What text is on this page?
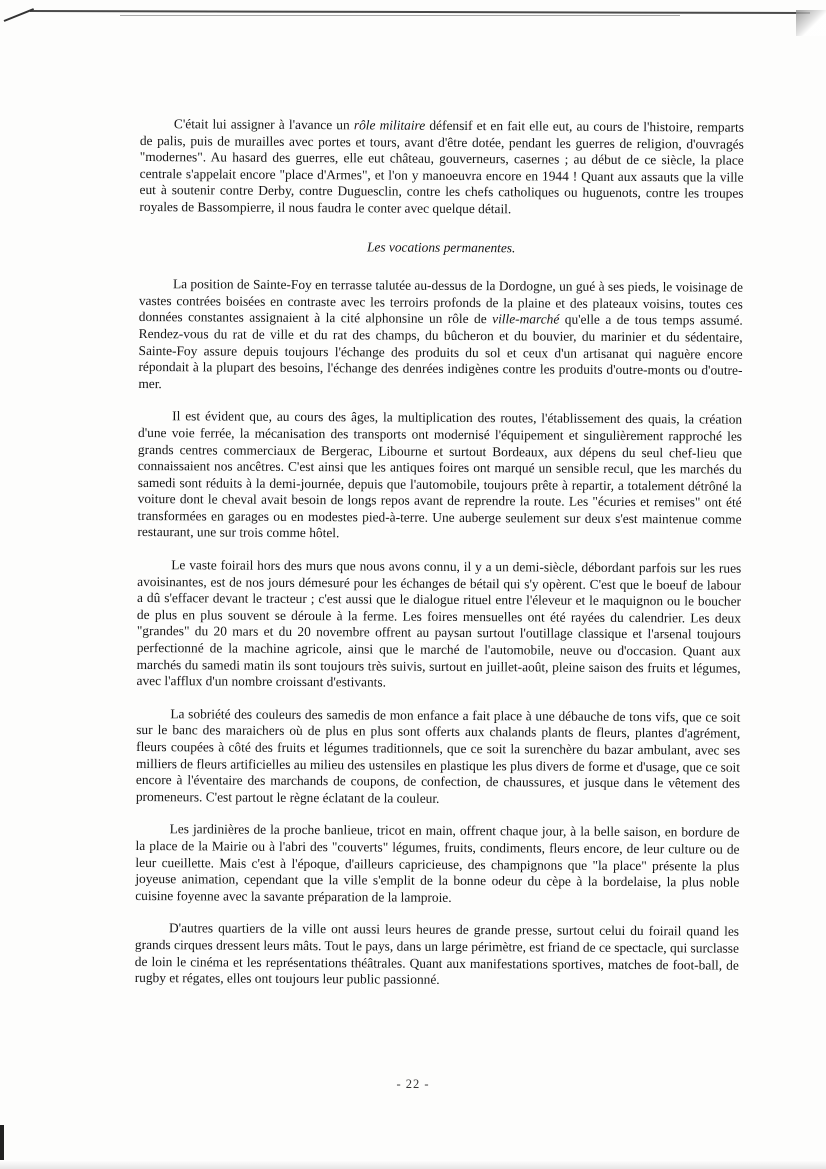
C'était lui assigner à l'avance un rôle militaire défensif et en fait elle eut, au cours de l'histoire, remparts de palis, puis de murailles avec portes et tours, avant d'être dotée, pendant les guerres de religion, d'ouvragés "modernes". Au hasard des guerres, elle eut château, gouverneurs, casernes ; au début de ce siècle, la place centrale s'appelait encore "place d'Armes", et l'on y manoeuvra encore en 1944 ! Quant aux assauts que la ville eut à soutenir contre Derby, contre Duguesclin, contre les chefs catholiques ou huguenots, contre les troupes royales de Bassompierre, il nous faudra le conter avec quelque détail.

Les vocations permanentes.

La position de Sainte-Foy en terrasse talutée au-dessus de la Dordogne, un gué à ses pieds, le voisinage de vastes contrées boisées en contraste avec les terroirs profonds de la plaine et des plateaux voisins, toutes ces données constantes assignaient à la cité alphonsine un rôle de ville-marché qu'elle a de tous temps assumé. Rendez-vous du rat de ville et du rat des champs, du bûcheron et du bouvier, du marinier et du sédentaire, Sainte-Foy assure depuis toujours l'échange des produits du sol et ceux d'un artisanat qui naguère encore répondait à la plupart des besoins, l'échange des denrées indigènes contre les produits d'outre-monts ou d'outre-mer.

Il est évident que, au cours des âges, la multiplication des routes, l'établissement des quais, la création d'une voie ferrée, la mécanisation des transports ont modernisé l'équipement et singulièrement rapproché les grands centres commerciaux de Bergerac, Libourne et surtout Bordeaux, aux dépens du seul chef-lieu que connaissaient nos ancêtres. C'est ainsi que les antiques foires ont marqué un sensible recul, que les marchés du samedi sont réduits à la demi-journée, depuis que l'automobile, toujours prête à repartir, a totalement détrôné la voiture dont le cheval avait besoin de longs repos avant de reprendre la route. Les "écuries et remises" ont été transformées en garages ou en modestes pied-à-terre. Une auberge seulement sur deux s'est maintenue comme restaurant, une sur trois comme hôtel.

Le vaste foirail hors des murs que nous avons connu, il y a un demi-siècle, débordant parfois sur les rues avoisinantes, est de nos jours démesuré pour les échanges de bétail qui s'y opèrent. C'est que le boeuf de labour a dû s'effacer devant le tracteur ; c'est aussi que le dialogue rituel entre l'éleveur et le maquignon ou le boucher de plus en plus souvent se déroule à la ferme. Les foires mensuelles ont été rayées du calendrier. Les deux "grandes" du 20 mars et du 20 novembre offrent au paysan surtout l'outillage classique et l'arsenal toujours perfectionné de la machine agricole, ainsi que le marché de l'automobile, neuve ou d'occasion. Quant aux marchés du samedi matin ils sont toujours très suivis, surtout en juillet-août, pleine saison des fruits et légumes, avec l'afflux d'un nombre croissant d'estivants.

La sobriété des couleurs des samedis de mon enfance a fait place à une débauche de tons vifs, que ce soit sur le banc des maraichers où de plus en plus sont offerts aux chalands plants de fleurs, plantes d'agrément, fleurs coupées à côté des fruits et légumes traditionnels, que ce soit la surenchère du bazar ambulant, avec ses milliers de fleurs artificielles au milieu des ustensiles en plastique les plus divers de forme et d'usage, que ce soit encore à l'éventaire des marchands de coupons, de confection, de chaussures, et jusque dans le vêtement des promeneurs. C'est partout le règne éclatant de la couleur.

Les jardinières de la proche banlieue, tricot en main, offrent chaque jour, à la belle saison, en bordure de la place de la Mairie ou à l'abri des "couverts" légumes, fruits, condiments, fleurs encore, de leur culture ou de leur cueillette. Mais c'est à l'époque, d'ailleurs capricieuse, des champignons que "la place" présente la plus joyeuse animation, cependant que la ville s'emplit de la bonne odeur du cèpe à la bordelaise, la plus noble cuisine foyenne avec la savante préparation de la lamproie.

D'autres quartiers de la ville ont aussi leurs heures de grande presse, surtout celui du foirail quand les grands cirques dressent leurs mâts. Tout le pays, dans un large périmètre, est friand de ce spectacle, qui surclasse de loin le cinéma et les représentations théâtrales. Quant aux manifestations sportives, matches de foot-ball, de rugby et régates, elles ont toujours leur public passionné.

- 22 -
